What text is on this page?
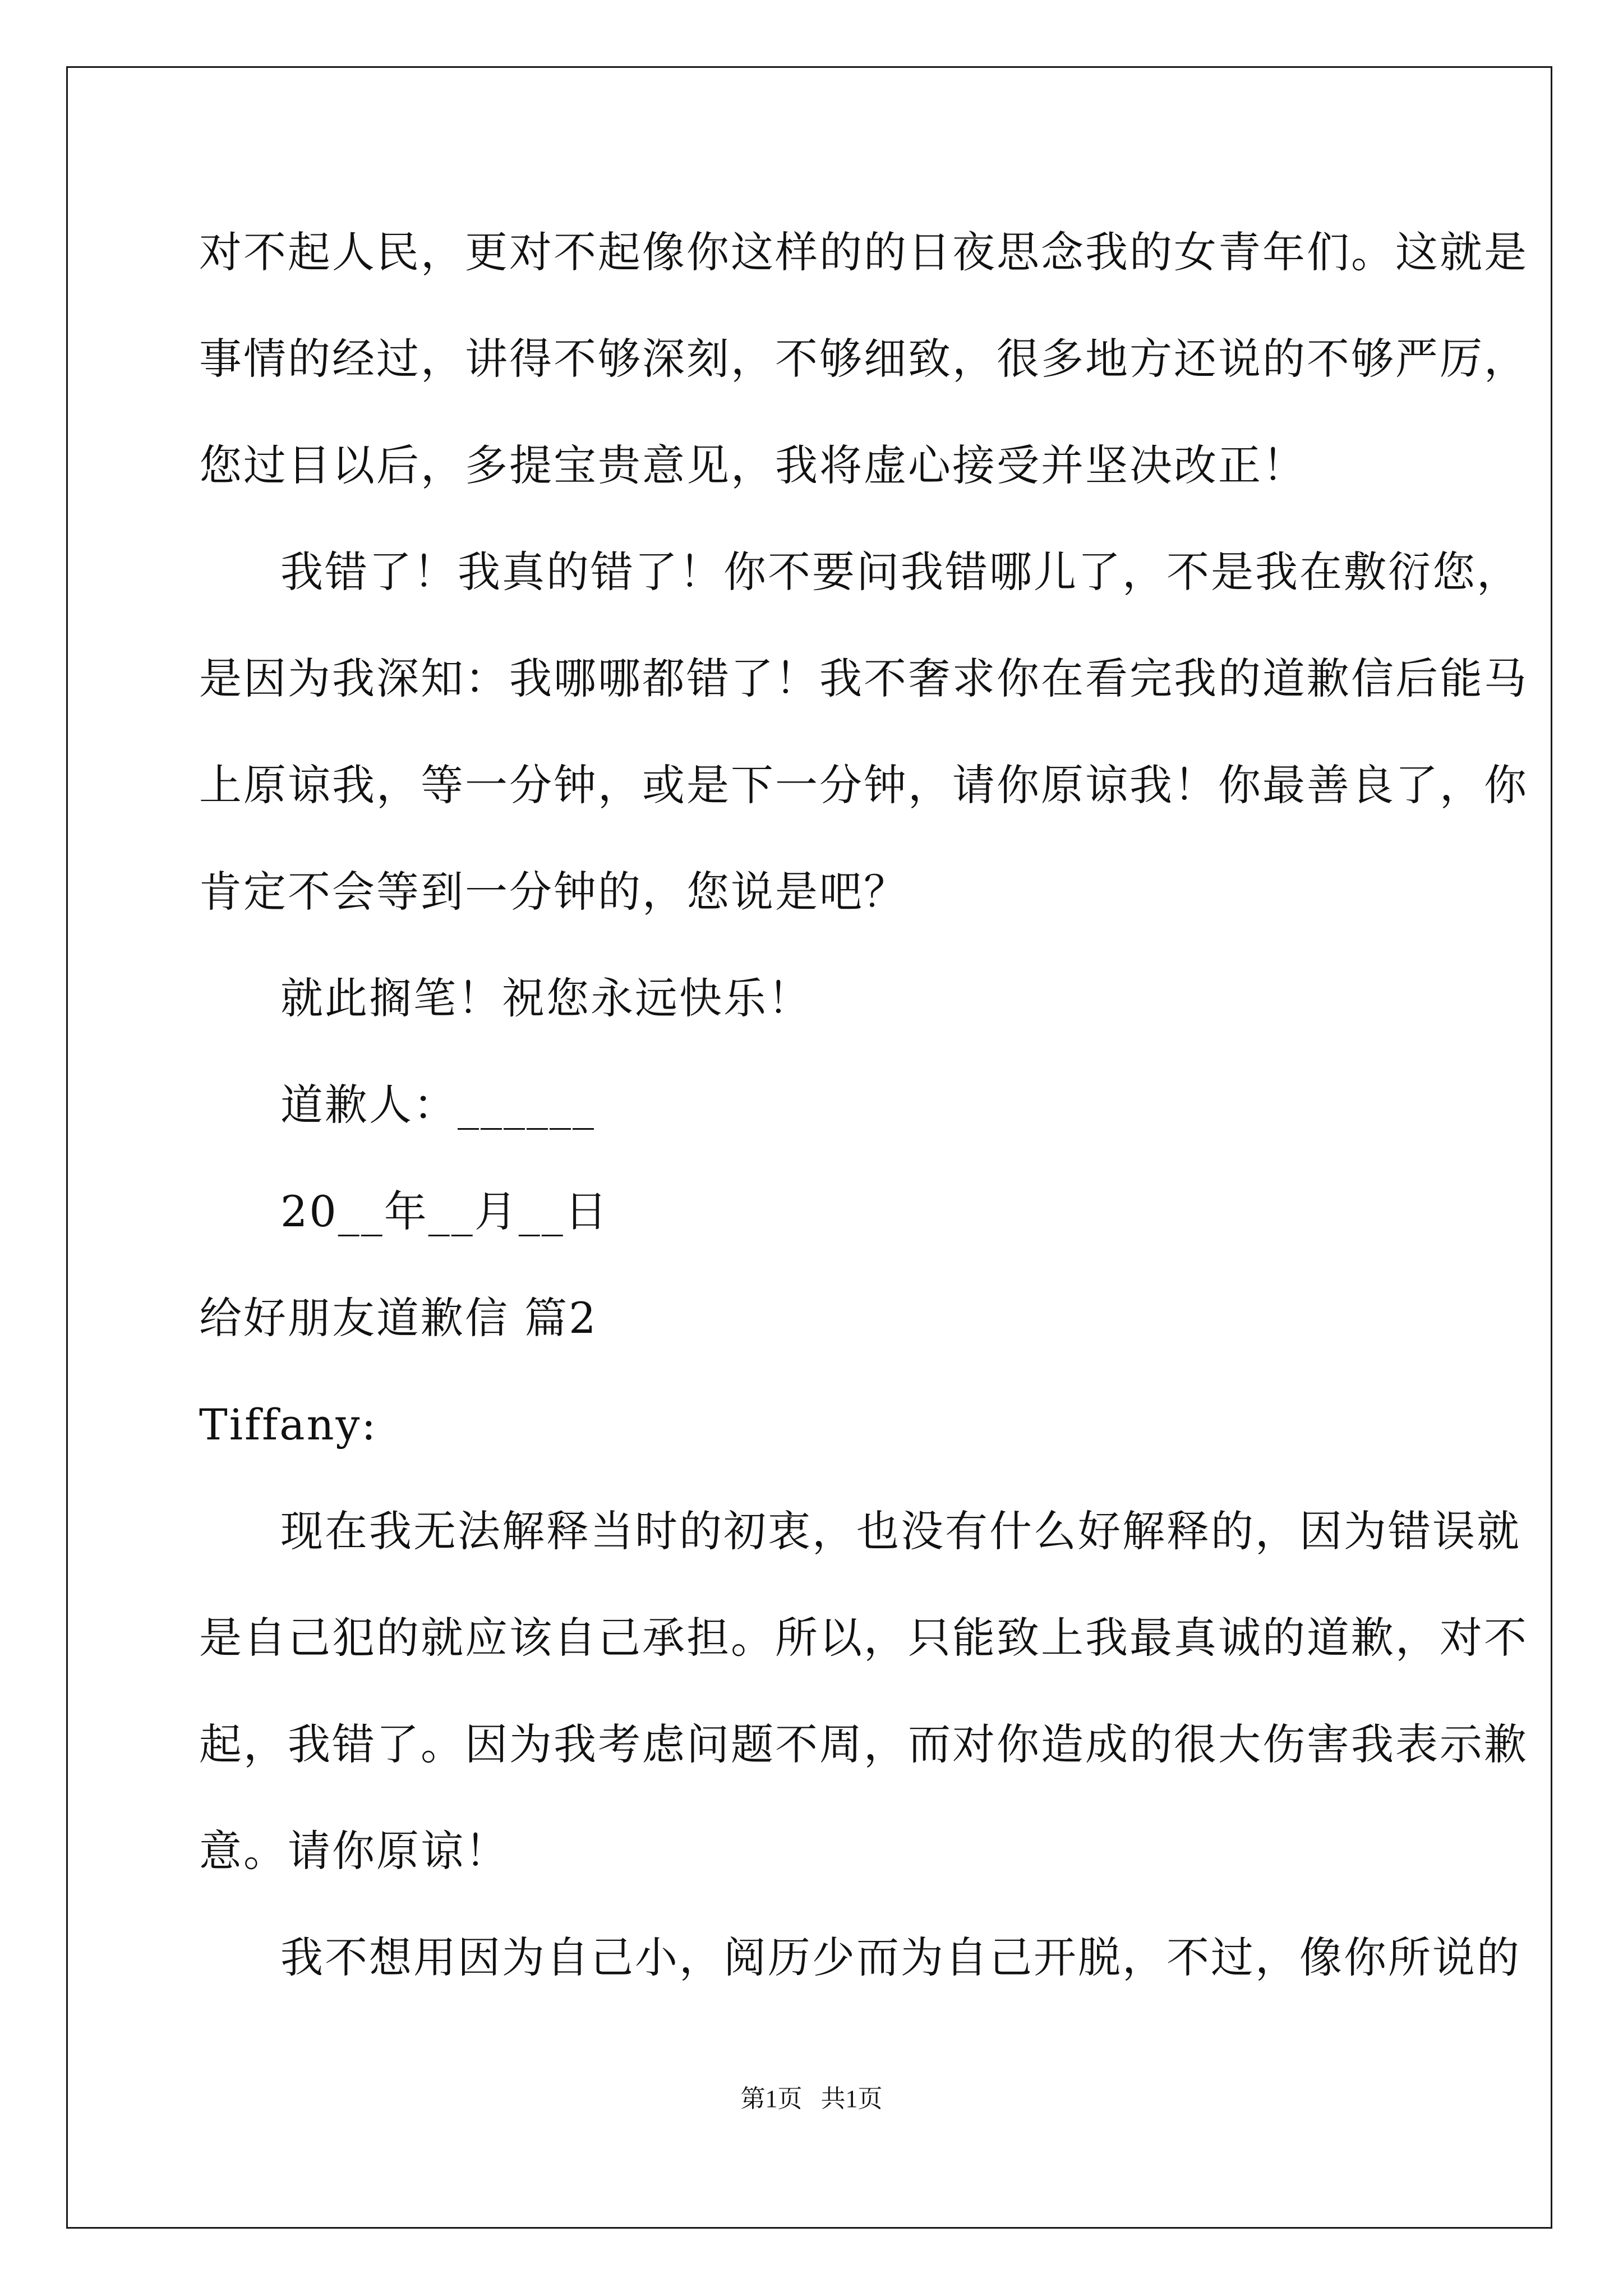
对不起人民，更对不起像你这样的的日夜思念我的女青年们。这就是
事情的经过，讲得不够深刻，不够细致，很多地方还说的不够严厉，
您过目以后，多提宝贵意见，我将虚心接受并坚决改正！
我错了！我真的错了！你不要问我错哪儿了，不是我在敷衍您，
是因为我深知：我哪哪都错了！我不奢求你在看完我的道歉信后能马
上原谅我，等一分钟，或是下一分钟，请你原谅我！你最善良了，你
肯定不会等到一分钟的，您说是吧？
就此搁笔！祝您永远快乐！
道歉人：______
20__年__月__日
给好朋友道歉信 篇2
Tiffany:
现在我无法解释当时的初衷，也没有什么好解释的，因为错误就
是自己犯的就应该自己承担。所以，只能致上我最真诚的道歉，对不
起，我错了。因为我考虑问题不周，而对你造成的很大伤害我表示歉
意。请你原谅！
我不想用因为自己小，阅历少而为自己开脱，不过，像你所说的
第1页   共1页
